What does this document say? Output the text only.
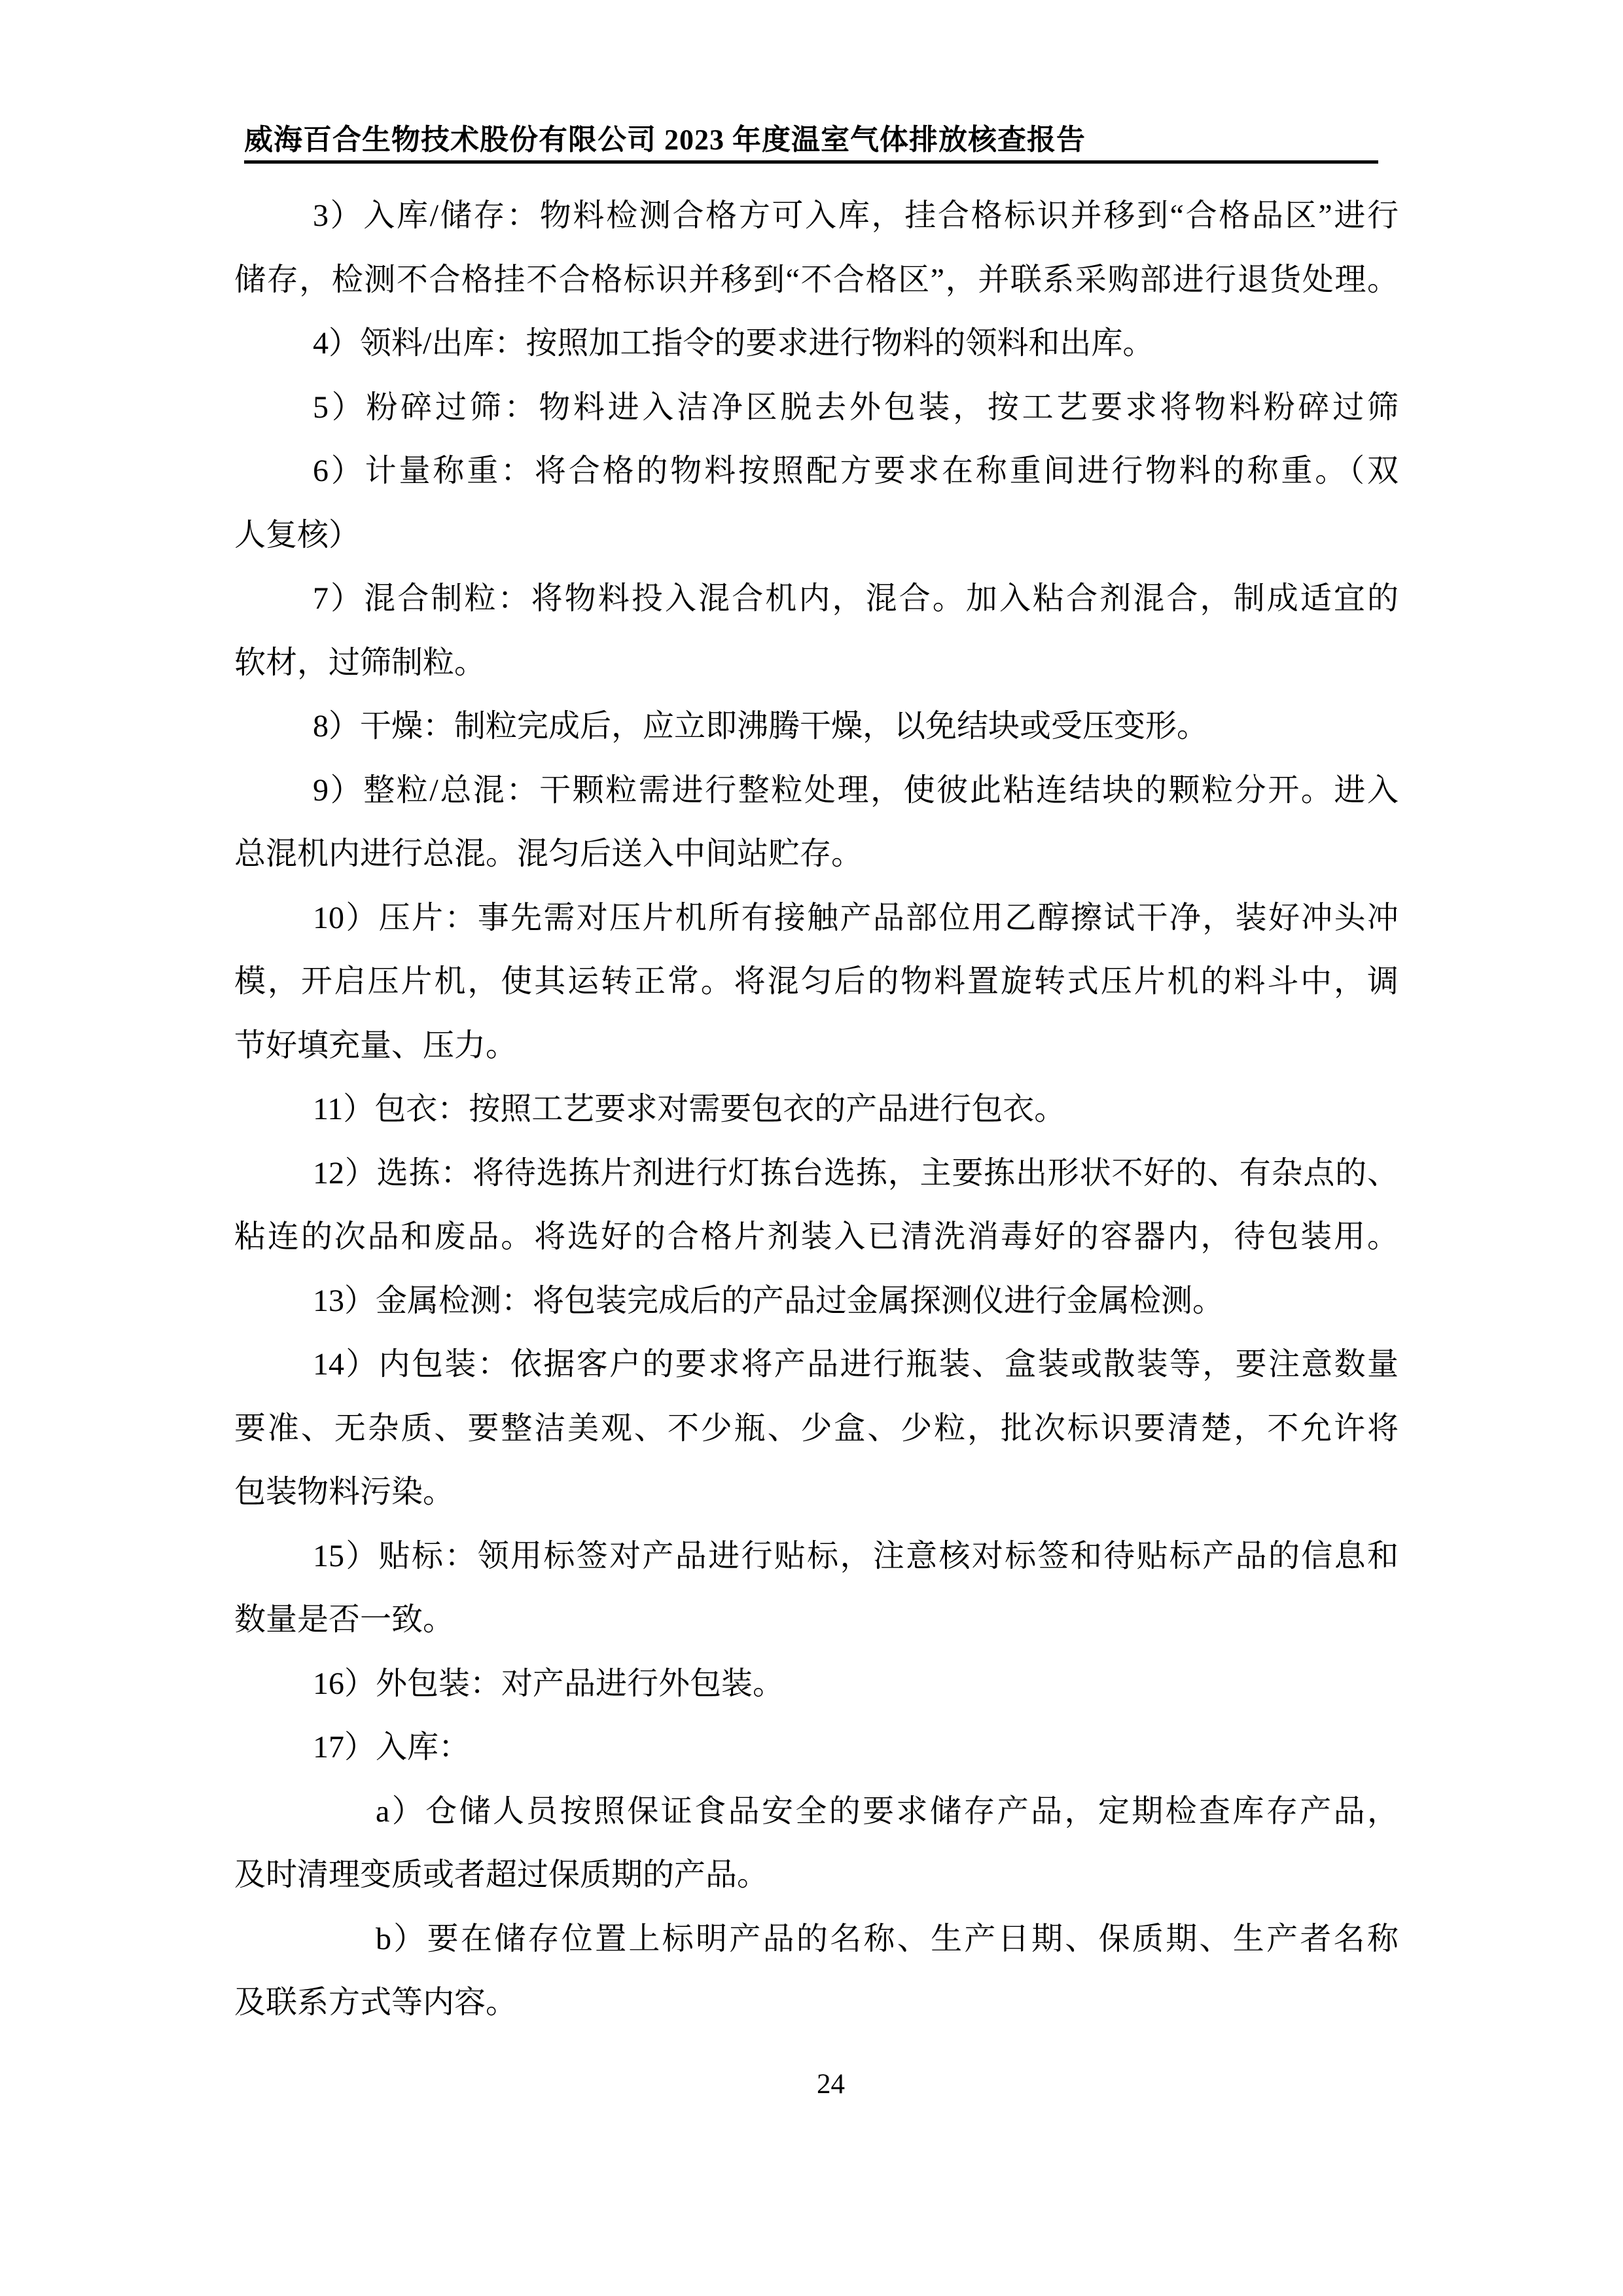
威海百合生物技术股份有限公司 2023 年度温室气体排放核查报告
3）入库/储存：物料检测合格方可入库，挂合格标识并移到“合格品区”进行
储存，检测不合格挂不合格标识并移到“不合格区”，并联系采购部进行退货处理。
4）领料/出库：按照加工指令的要求进行物料的领料和出库。
5）粉碎过筛：物料进入洁净区脱去外包装，按工艺要求将物料粉碎过筛
6）计量称重：将合格的物料按照配方要求在称重间进行物料的称重。（双
人复核）
7）混合制粒：将物料投入混合机内，混合。加入粘合剂混合，制成适宜的
软材，过筛制粒。
8）干燥：制粒完成后，应立即沸腾干燥，以免结块或受压变形。
9）整粒/总混：干颗粒需进行整粒处理，使彼此粘连结块的颗粒分开。进入
总混机内进行总混。混匀后送入中间站贮存。
10）压片：事先需对压片机所有接触产品部位用乙醇擦试干净，装好冲头冲
模，开启压片机，使其运转正常。将混匀后的物料置旋转式压片机的料斗中，调
节好填充量、压力。
11）包衣：按照工艺要求对需要包衣的产品进行包衣。
12）选拣：将待选拣片剂进行灯拣台选拣，主要拣出形状不好的、有杂点的、
粘连的次品和废品。将选好的合格片剂装入已清洗消毒好的容器内，待包装用。
13）金属检测：将包装完成后的产品过金属探测仪进行金属检测。
14）内包装：依据客户的要求将产品进行瓶装、盒装或散装等，要注意数量
要准、无杂质、要整洁美观、不少瓶、少盒、少粒，批次标识要清楚，不允许将
包装物料污染。
15）贴标：领用标签对产品进行贴标，注意核对标签和待贴标产品的信息和
数量是否一致。
16）外包装：对产品进行外包装。
17）入库：
a）仓储人员按照保证食品安全的要求储存产品，定期检查库存产品，
及时清理变质或者超过保质期的产品。
b）要在储存位置上标明产品的名称、生产日期、保质期、生产者名称
及联系方式等内容。
24
